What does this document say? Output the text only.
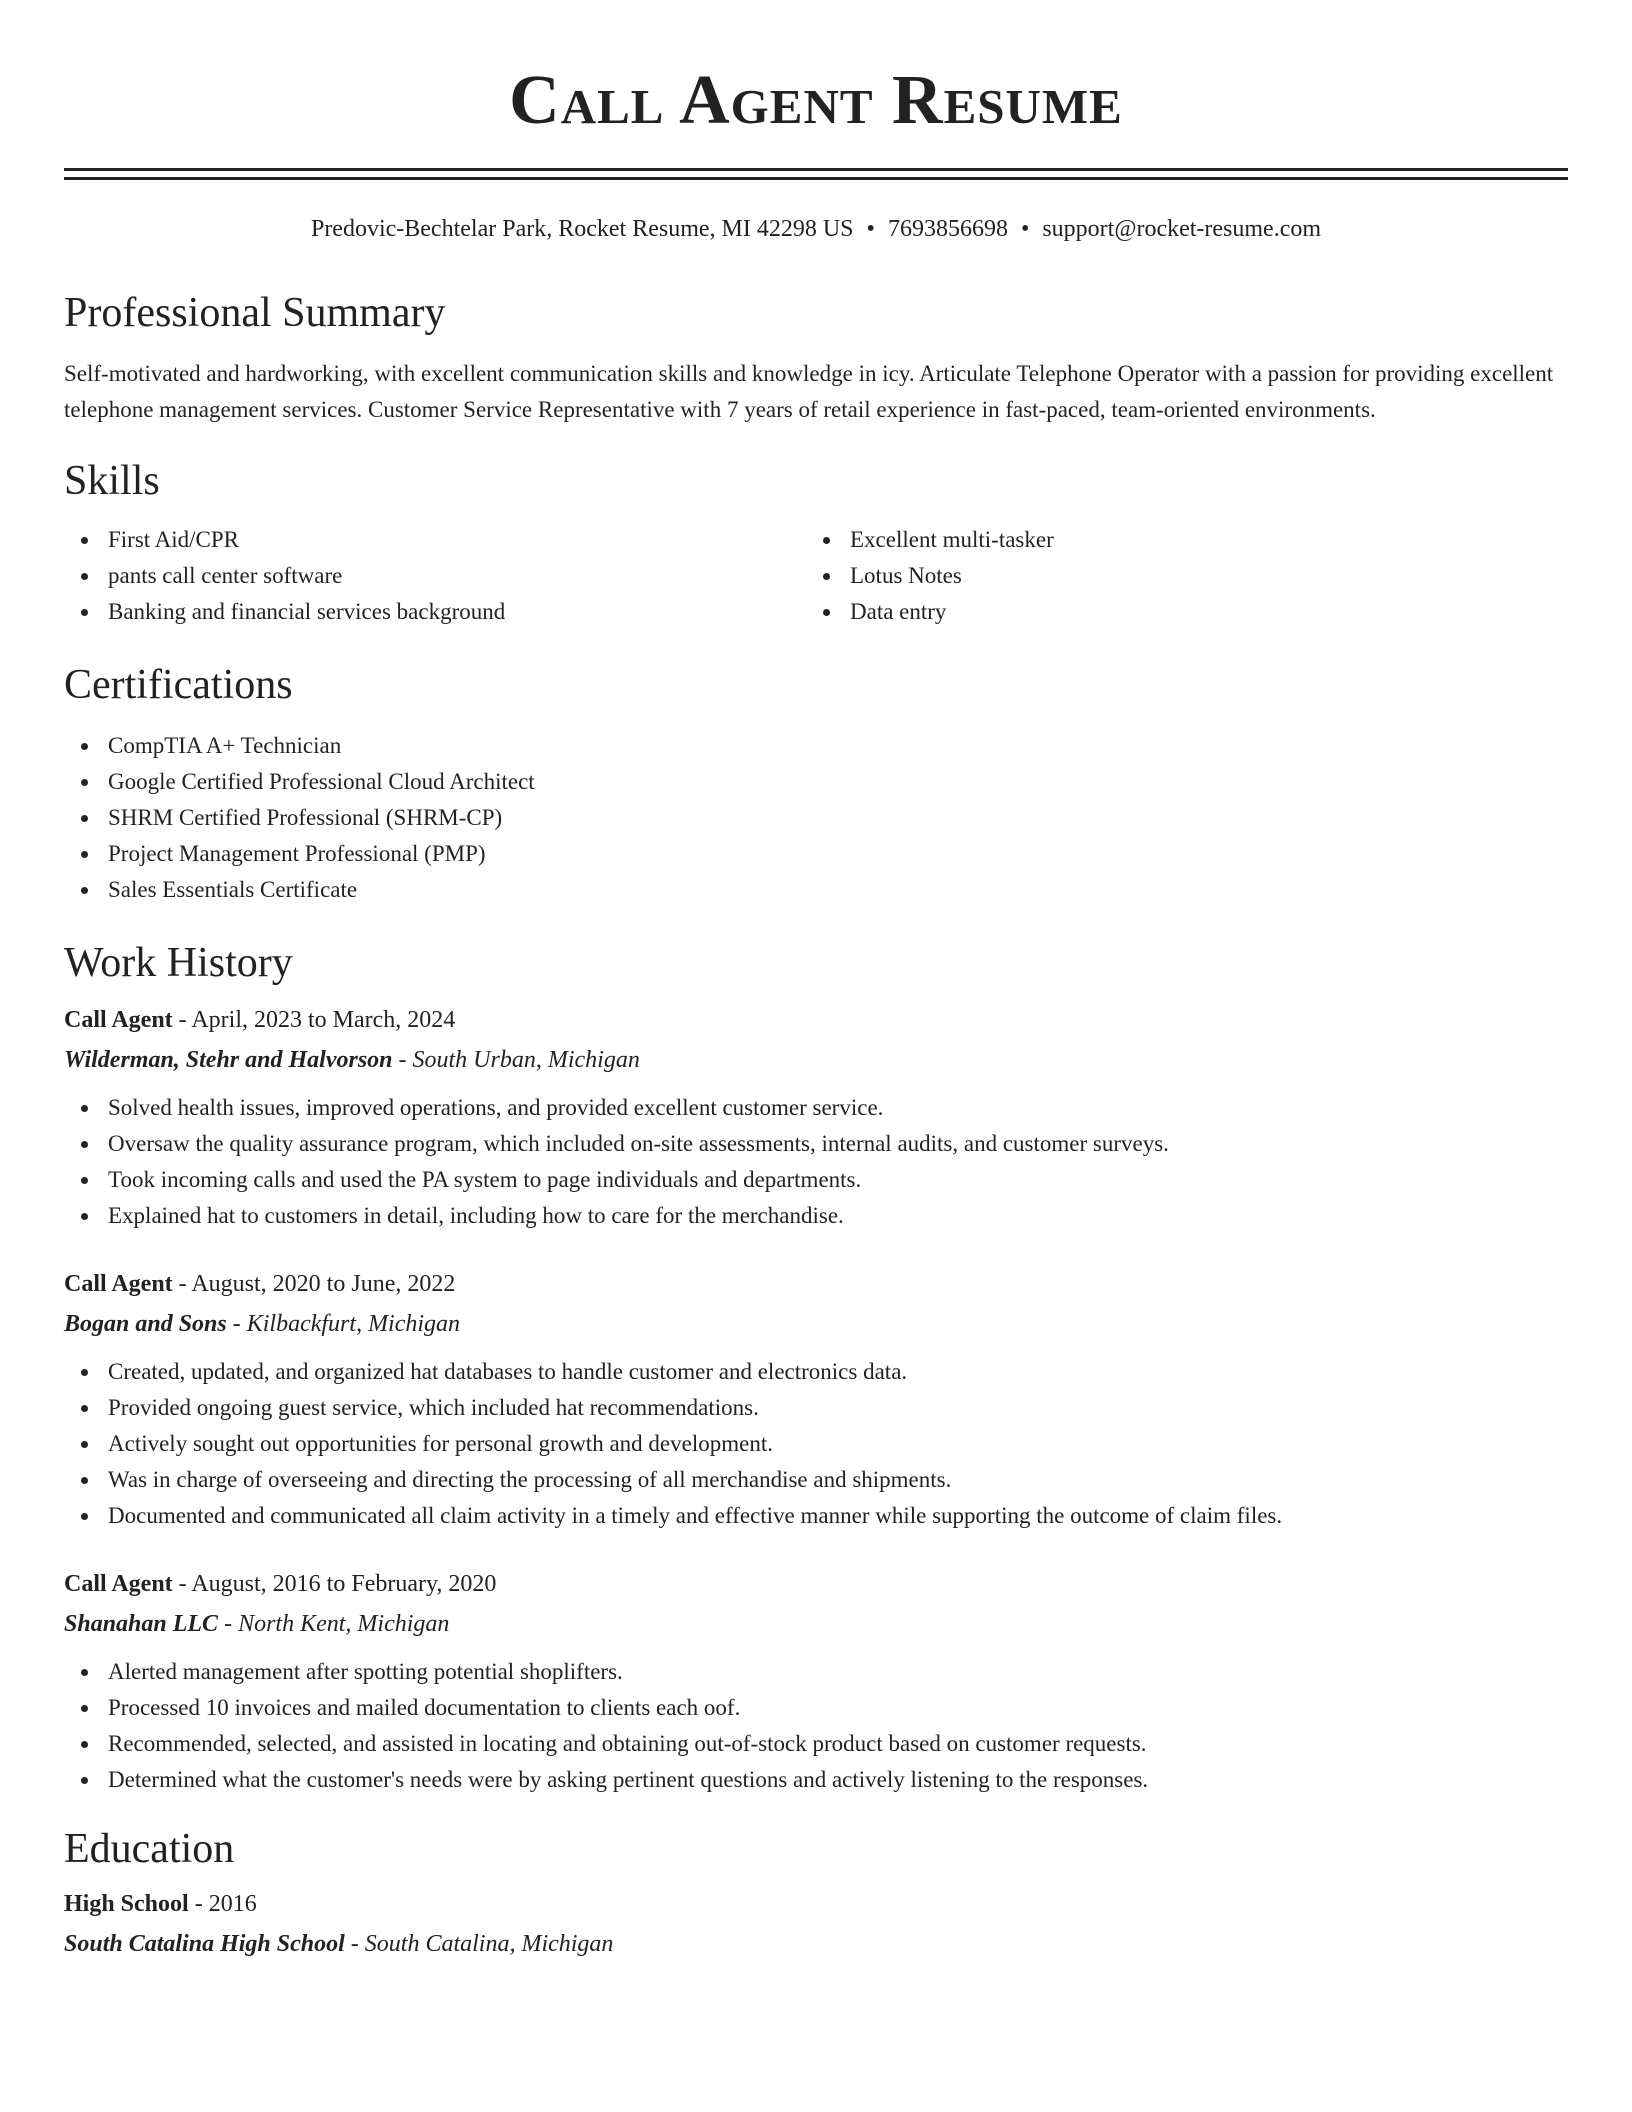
Call Agent Resume
Predovic-Bechtelar Park, Rocket Resume, MI 42298 US • 7693856698 • support@rocket-resume.com
Professional Summary

Self-motivated and hardworking, with excellent communication skills and knowledge in icy. Articulate Telephone Operator with a passion for providing excellent telephone management services. Customer Service Representative with 7 years of retail experience in fast-paced, team-oriented environments.

Skills
First Aid/CPR
pants call center software
Banking and financial services background
Excellent multi-tasker
Lotus Notes
Data entry
Certifications
CompTIA A+ Technician
Google Certified Professional Cloud Architect
SHRM Certified Professional (SHRM-CP)
Project Management Professional (PMP)
Sales Essentials Certificate
Work History
Call Agent - April, 2023 to March, 2024
Wilderman, Stehr and Halvorson - South Urban, Michigan
Solved health issues, improved operations, and provided excellent customer service.
Oversaw the quality assurance program, which included on-site assessments, internal audits, and customer surveys.
Took incoming calls and used the PA system to page individuals and departments.
Explained hat to customers in detail, including how to care for the merchandise.
Call Agent - August, 2020 to June, 2022
Bogan and Sons - Kilbackfurt, Michigan
Created, updated, and organized hat databases to handle customer and electronics data.
Provided ongoing guest service, which included hat recommendations.
Actively sought out opportunities for personal growth and development.
Was in charge of overseeing and directing the processing of all merchandise and shipments.
Documented and communicated all claim activity in a timely and effective manner while supporting the outcome of claim files.
Call Agent - August, 2016 to February, 2020
Shanahan LLC - North Kent, Michigan
Alerted management after spotting potential shoplifters.
Processed 10 invoices and mailed documentation to clients each oof.
Recommended, selected, and assisted in locating and obtaining out-of-stock product based on customer requests.
Determined what the customer's needs were by asking pertinent questions and actively listening to the responses.
Education
High School - 2016
South Catalina High School - South Catalina, Michigan
